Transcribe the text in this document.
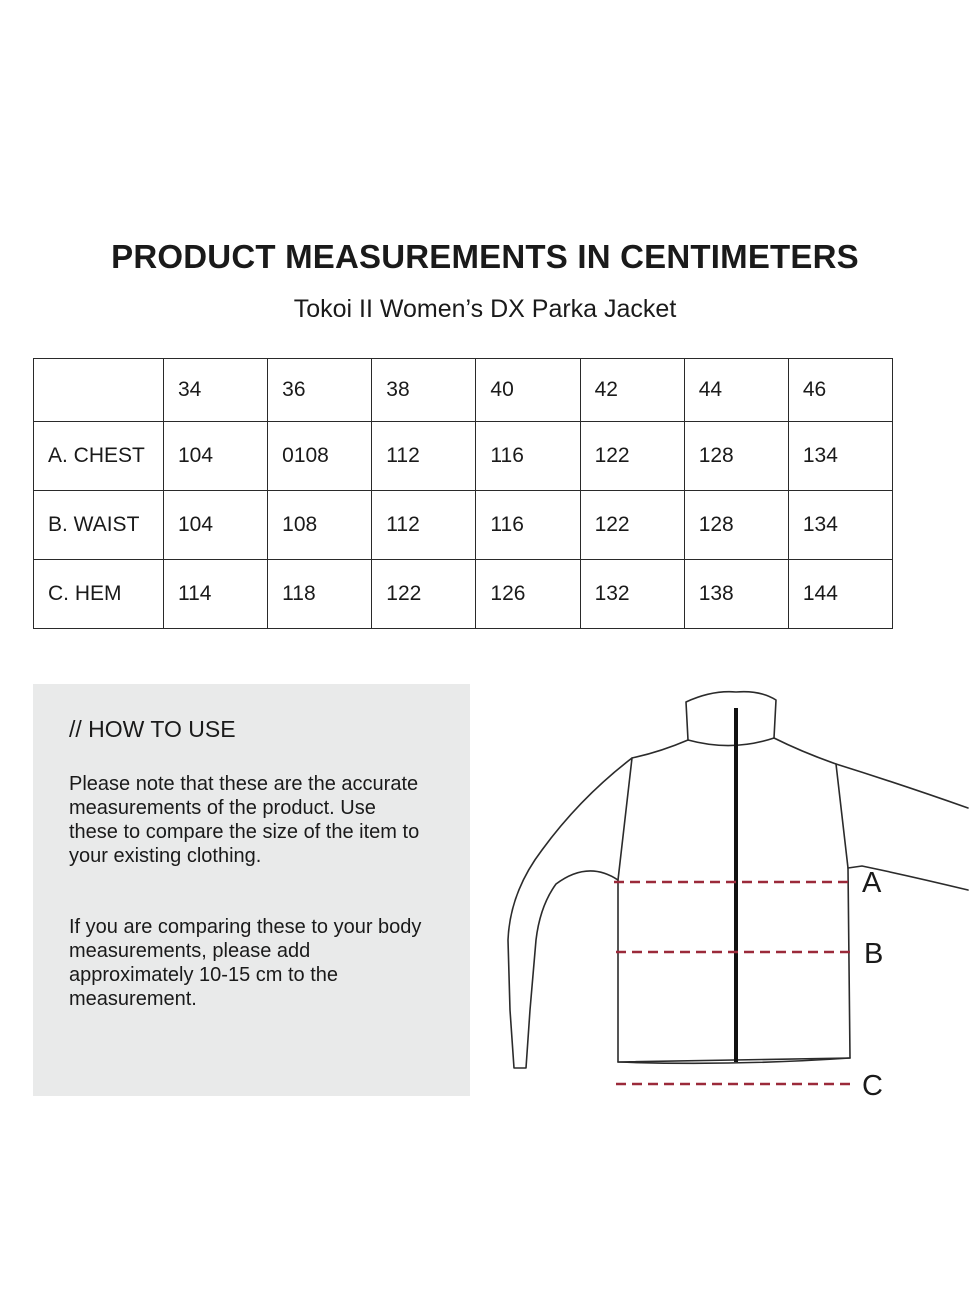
PRODUCT MEASUREMENTS IN CENTIMETERS
Tokoi II Women’s DX Parka Jacket
	34	36	38	40	42	44	46
A. CHEST	104	0108	112	116	122	128	134
B. WAIST	104	108	112	116	122	128	134
C. HEM	114	118	122	126	132	138	144
// HOW TO USE

Please note that these are the accurate measurements of the product. Use these to compare the size of the item to your existing clothing.

If you are comparing these to your body measurements, please add approximately 10-15 cm to the measurement.

A
B
C
